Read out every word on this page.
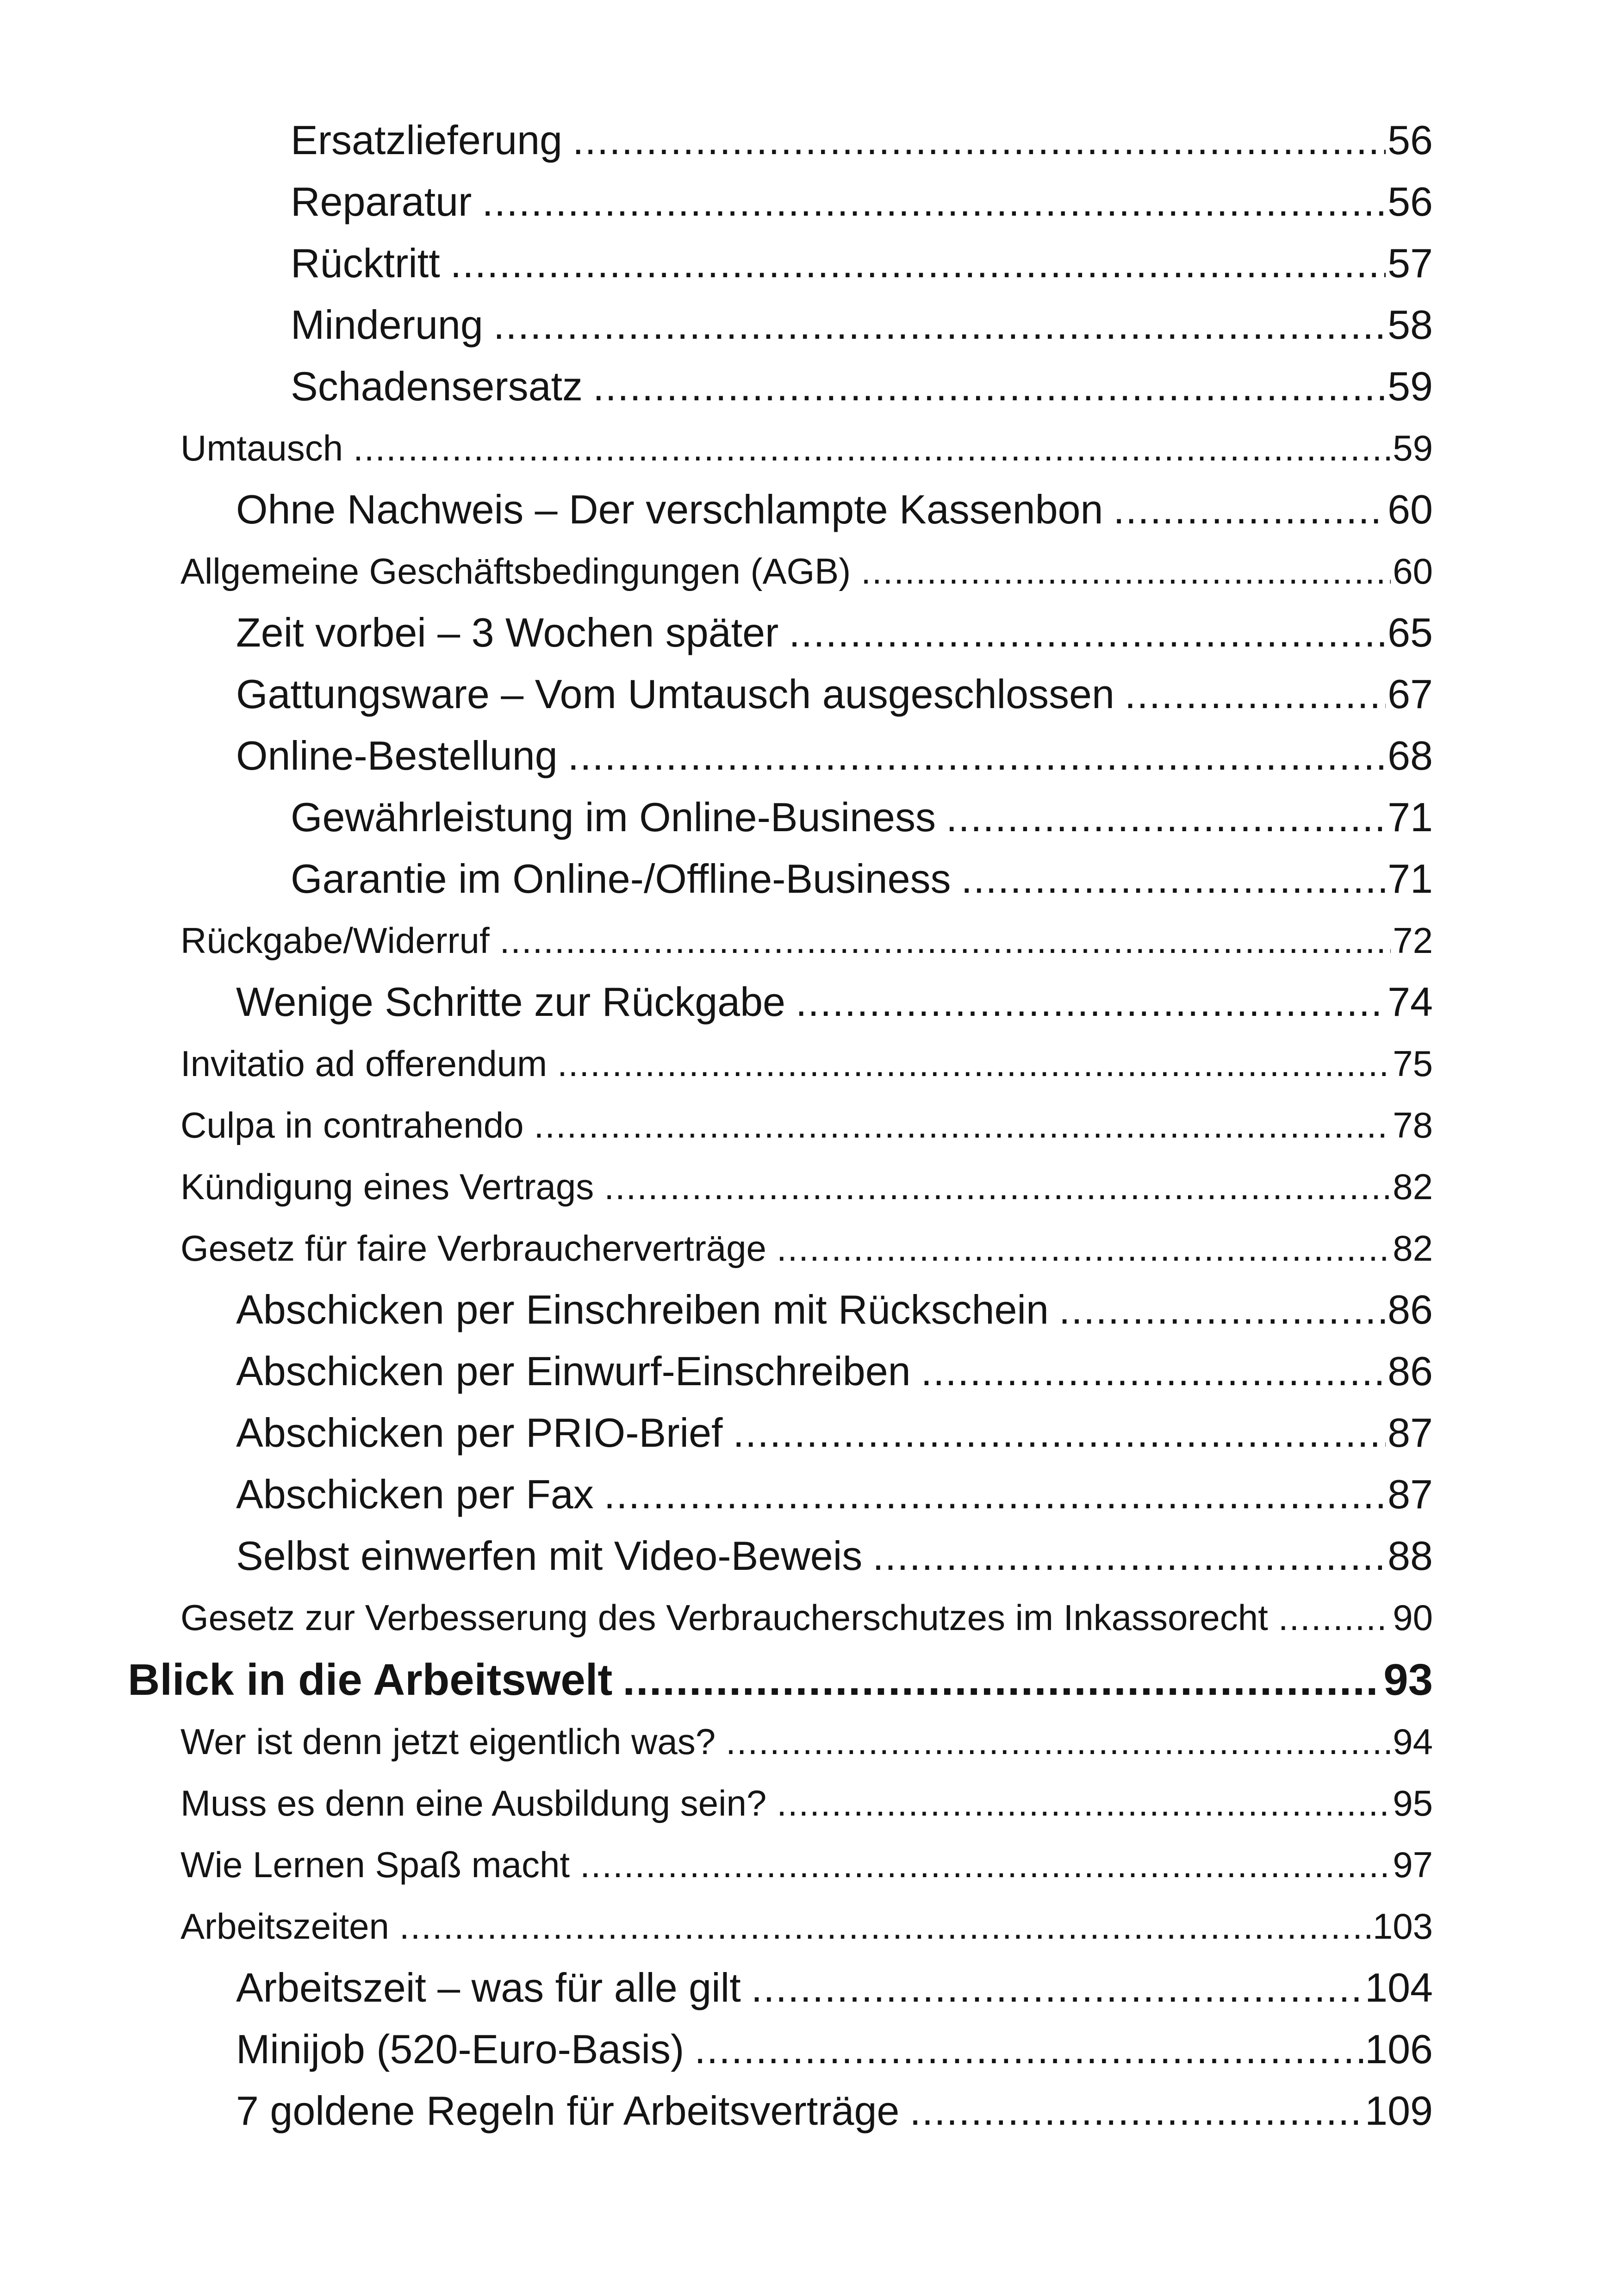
Ersatzlieferung .....	56
Reparatur .....	56
Rücktritt .....	57
Minderung .....	58
Schadensersatz .....	59
Umtausch .....	59
Ohne Nachweis – Der verschlampte Kassenbon .....	60
Allgemeine Geschäftsbedingungen (AGB) .....	60
Zeit vorbei – 3 Wochen später .....	65
Gattungsware – Vom Umtausch ausgeschlossen .....	67
Online-Bestellung .....	68
Gewährleistung im Online-Business .....	71
Garantie im Online-/Offline-Business .....	71
Rückgabe/Widerruf .....	72
Wenige Schritte zur Rückgabe .....	74
Invitatio ad offerendum .....	75
Culpa in contrahendo .....	78
Kündigung eines Vertrags .....	82
Gesetz für faire Verbraucherverträge .....	82
Abschicken per Einschreiben mit Rückschein .....	86
Abschicken per Einwurf-Einschreiben .....	86
Abschicken per PRIO-Brief .....	87
Abschicken per Fax .....	87
Selbst einwerfen mit Video-Beweis .....	88
Gesetz zur Verbesserung des Verbraucherschutzes im Inkassorecht .....	90
Blick in die Arbeitswelt .....	93
Wer ist denn jetzt eigentlich was? .....	94
Muss es denn eine Ausbildung sein? .....	95
Wie Lernen Spaß macht .....	97
Arbeitszeiten .....	103
Arbeitszeit – was für alle gilt .....	104
Minijob (520-Euro-Basis) .....	106
7 goldene Regeln für Arbeitsverträge .....	109
